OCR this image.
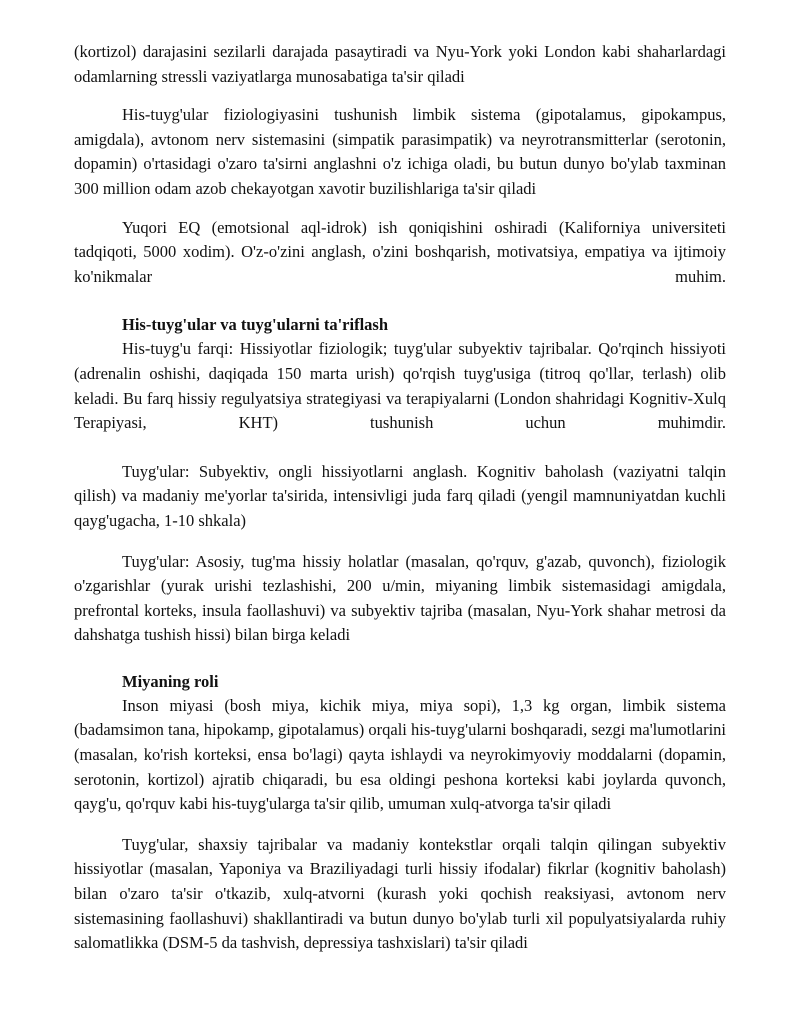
(kortizol) darajasini sezilarli darajada pasaytiradi va Nyu-York yoki London kabi shaharlardagi odamlarning stressli vaziyatlarga munosabatiga ta'sir qiladi

His-tuyg'ular fiziologiyasini tushunish limbik sistema (gipotalamus, gipokampus, amigdala), avtonom nerv sistemasini (simpatik parasimpatik) va neyrotransmitterlar (serotonin, dopamin) o'rtasidagi o'zaro ta'sirni anglashni o'z ichiga oladi, bu butun dunyo bo'ylab taxminan 300 million odam azob chekayotgan xavotir buzilishlariga ta'sir qiladi

Yuqori EQ (emotsional aql-idrok) ish qoniqishini oshiradi (Kaliforniya universiteti tadqiqoti, 5000 xodim). O'z-o'zini anglash, o'zini boshqarish, motivatsiya, empatiya va ijtimoiy ko'nikmalar muhim.

His-tuyg'ular va tuyg'ularni ta'riflash

His-tuyg'u farqi: Hissiyotlar fiziologik; tuyg'ular subyektiv tajribalar. Qo'rqinch hissiyoti (adrenalin oshishi, daqiqada 150 marta urish) qo'rqish tuyg'usiga (titroq qo'llar, terlash) olib keladi. Bu farq hissiy regulyatsiya strategiyasi va terapiyalarni (London shahridagi Kognitiv-Xulq Terapiyasi, KHT) tushunish uchun muhimdir.

Tuyg'ular: Subyektiv, ongli hissiyotlarni anglash. Kognitiv baholash (vaziyatni talqin qilish) va madaniy me'yorlar ta'sirida, intensivligi juda farq qiladi (yengil mamnuniyatdan kuchli qayg'ugacha, 1-10 shkala)

Tuyg'ular: Asosiy, tug'ma hissiy holatlar (masalan, qo'rquv, g'azab, quvonch), fiziologik o'zgarishlar (yurak urishi tezlashishi, 200 u/min, miyaning limbik sistemasidagi amigdala, prefrontal korteks, insula faollashuvi) va subyektiv tajriba (masalan, Nyu-York shahar metrosi da dahshatga tushish hissi) bilan birga keladi

Miyaning roli

Inson miyasi (bosh miya, kichik miya, miya sopi), 1,3 kg organ, limbik sistema (badamsimon tana, hipokamp, gipotalamus) orqali his-tuyg'ularni boshqaradi, sezgi ma'lumotlarini (masalan, ko'rish korteksi, ensa bo'lagi) qayta ishlaydi va neyrokimyoviy moddalarni (dopamin, serotonin, kortizol) ajratib chiqaradi, bu esa oldingi peshona korteksi kabi joylarda quvonch, qayg'u, qo'rquv kabi his-tuyg'ularga ta'sir qilib, umuman xulq-atvorga ta'sir qiladi

Tuyg'ular, shaxsiy tajribalar va madaniy kontekstlar orqali talqin qilingan subyektiv hissiyotlar (masalan, Yaponiya va Braziliyadagi turli hissiy ifodalar) fikrlar (kognitiv baholash) bilan o'zaro ta'sir o'tkazib, xulq-atvorni (kurash yoki qochish reaksiyasi, avtonom nerv sistemasining faollashuvi) shakllantiradi va butun dunyo bo'ylab turli xil populyatsiyalarda ruhiy salomatlikka (DSM-5 da tashvish, depressiya tashxislari) ta'sir qiladi
